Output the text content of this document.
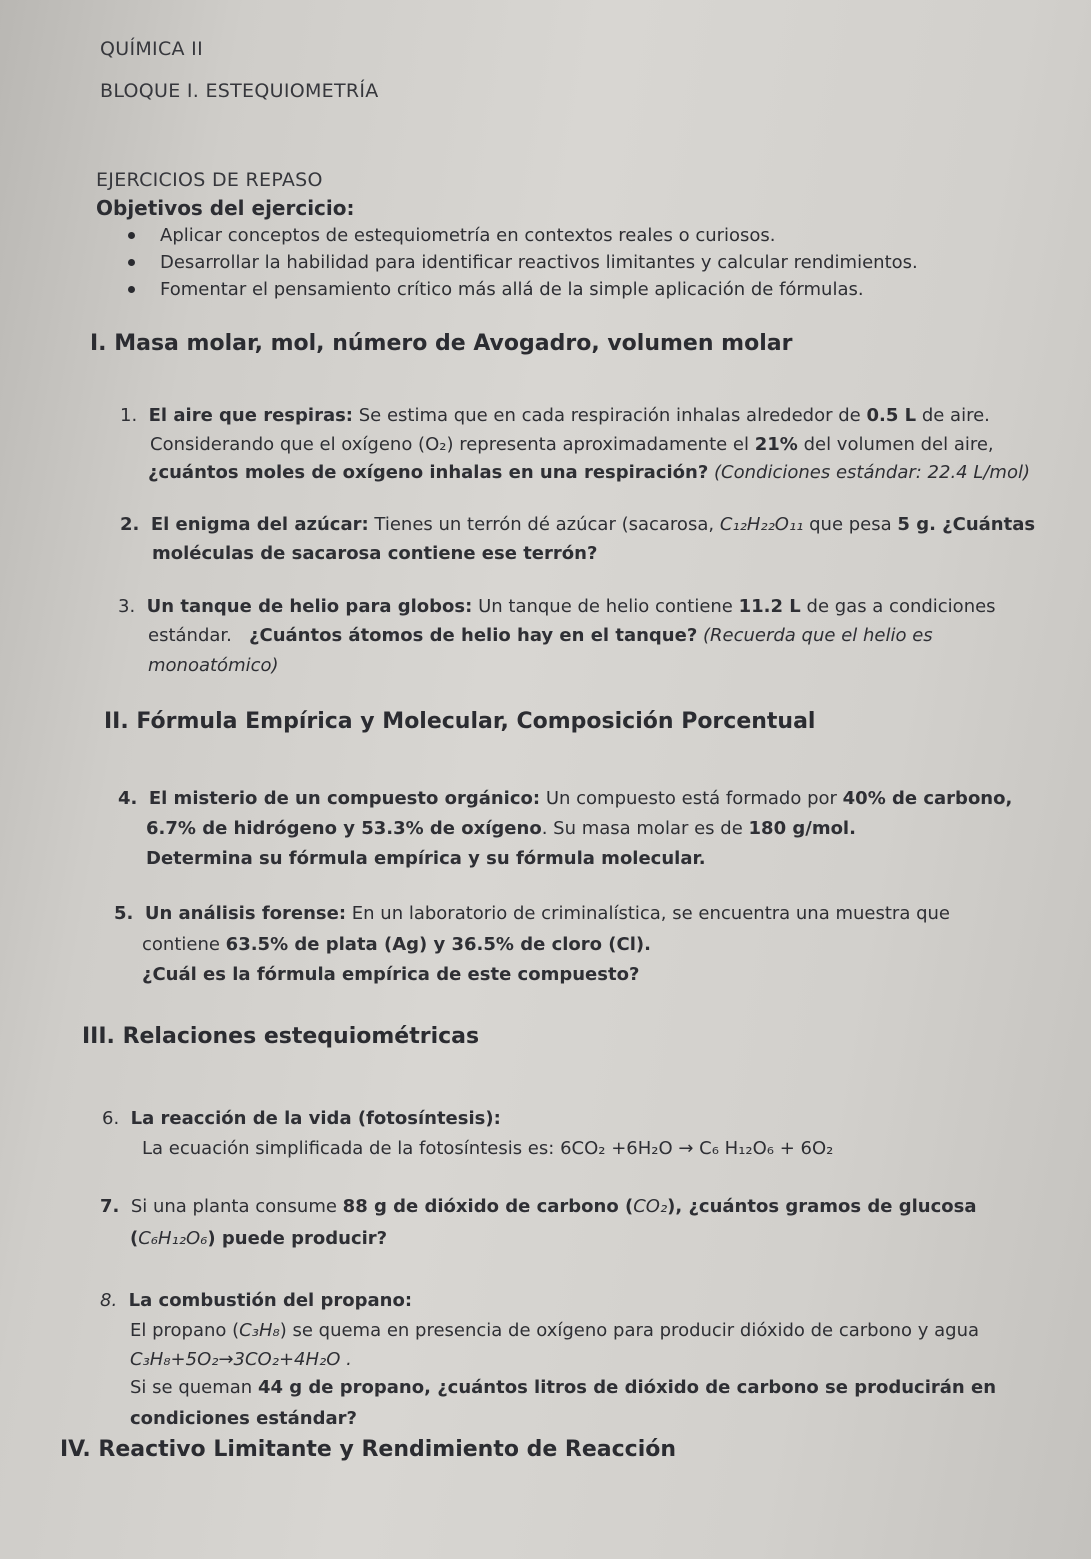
QUÍMICA II

BLOQUE I. ESTEQUIOMETRÍA

EJERCICIOS DE REPASO

Objetivos del ejercicio:

Aplicar conceptos de estequiometría en contextos reales o curiosos.
Desarrollar la habilidad para identificar reactivos limitantes y calcular rendimientos.
Fomentar el pensamiento crítico más allá de la simple aplicación de fórmulas.

I. Masa molar, mol, número de Avogadro, volumen molar

1. El aire que respiras: Se estima que en cada respiración inhalas alrededor de 0.5 L de aire.
Considerando que el oxígeno (O₂) representa aproximadamente el 21% del volumen del aire,
¿cuántos moles de oxígeno inhalas en una respiración? (Condiciones estándar: 22.4 L/mol)
2. El enigma del azúcar: Tienes un terrón dé azúcar (sacarosa, C₁₂H₂₂O₁₁ que pesa 5 g. ¿Cuántas
moléculas de sacarosa contiene ese terrón?
3. Un tanque de helio para globos: Un tanque de helio contiene 11.2 L de gas a condiciones
estándar. ¿Cuántos átomos de helio hay en el tanque? (Recuerda que el helio es
monoatómico)

II. Fórmula Empírica y Molecular, Composición Porcentual

4. El misterio de un compuesto orgánico: Un compuesto está formado por 40% de carbono,
6.7% de hidrógeno y 53.3% de oxígeno. Su masa molar es de 180 g/mol.
Determina su fórmula empírica y su fórmula molecular.
5. Un análisis forense: En un laboratorio de criminalística, se encuentra una muestra que
contiene 63.5% de plata (Ag) y 36.5% de cloro (Cl).
¿Cuál es la fórmula empírica de este compuesto?

III. Relaciones estequiométricas

6. La reacción de la vida (fotosíntesis):
La ecuación simplificada de la fotosíntesis es: 6CO₂ +6H₂O → C₆ H₁₂O₆ + 6O₂
7. Si una planta consume 88 g de dióxido de carbono (CO₂), ¿cuántos gramos de glucosa
(C₆H₁₂O₆) puede producir?
8. La combustión del propano:
El propano (C₃H₈) se quema en presencia de oxígeno para producir dióxido de carbono y agua
C₃H₈+5O₂→3CO₂+4H₂O .
Si se queman 44 g de propano, ¿cuántos litros de dióxido de carbono se producirán en
condiciones estándar?

IV. Reactivo Limitante y Rendimiento de Reacción
